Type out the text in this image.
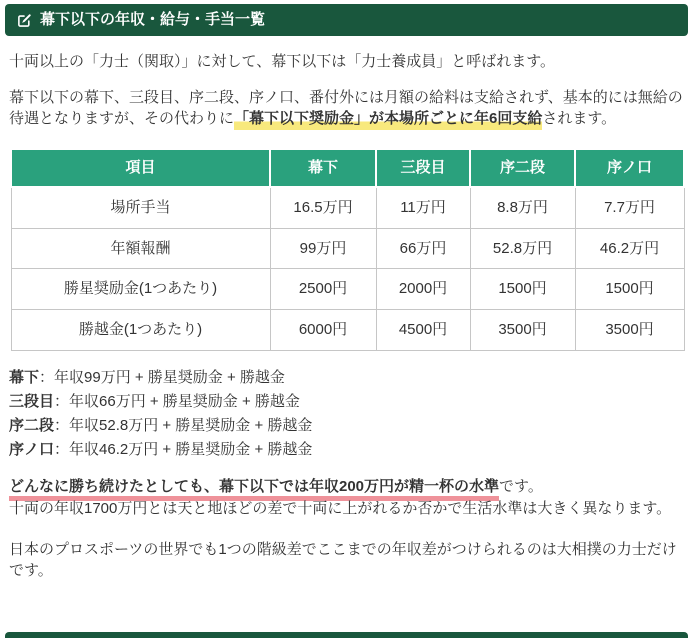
幕下以下の年収・給与・手当一覧

十両以上の「力士（関取）」に対して、幕下以下は「力士養成員」と呼ばれます。

幕下以下の幕下、三段目、序二段、序ノ口、番付外には月額の給料は支給されず、基本的には無給の待遇となりますが、その代わりに「幕下以下奨励金」が本場所ごとに年6回支給されます。

項目	幕下	三段目	序二段	序ノ口
場所手当	16.5万円	11万円	8.8万円	7.7万円
年額報酬	99万円	66万円	52.8万円	46.2万円
勝星奨励金(1つあたり)	2500円	2000円	1500円	1500円
勝越金(1つあたり)	6000円	4500円	3500円	3500円
幕下：年収99万円 + 勝星奨励金 + 勝越金
三段目：年収66万円 + 勝星奨励金 + 勝越金
序二段：年収52.8万円 + 勝星奨励金 + 勝越金
序ノ口：年収46.2万円 + 勝星奨励金 + 勝越金

どんなに勝ち続けたとしても、幕下以下では年収200万円が精一杯の水準です。
十両の年収1700万円とは天と地ほどの差で十両に上がれるか否かで生活水準は大きく異なります。

日本のプロスポーツの世界でも1つの階級差でここまでの年収差がつけられるのは大相撲の力士だけです。
